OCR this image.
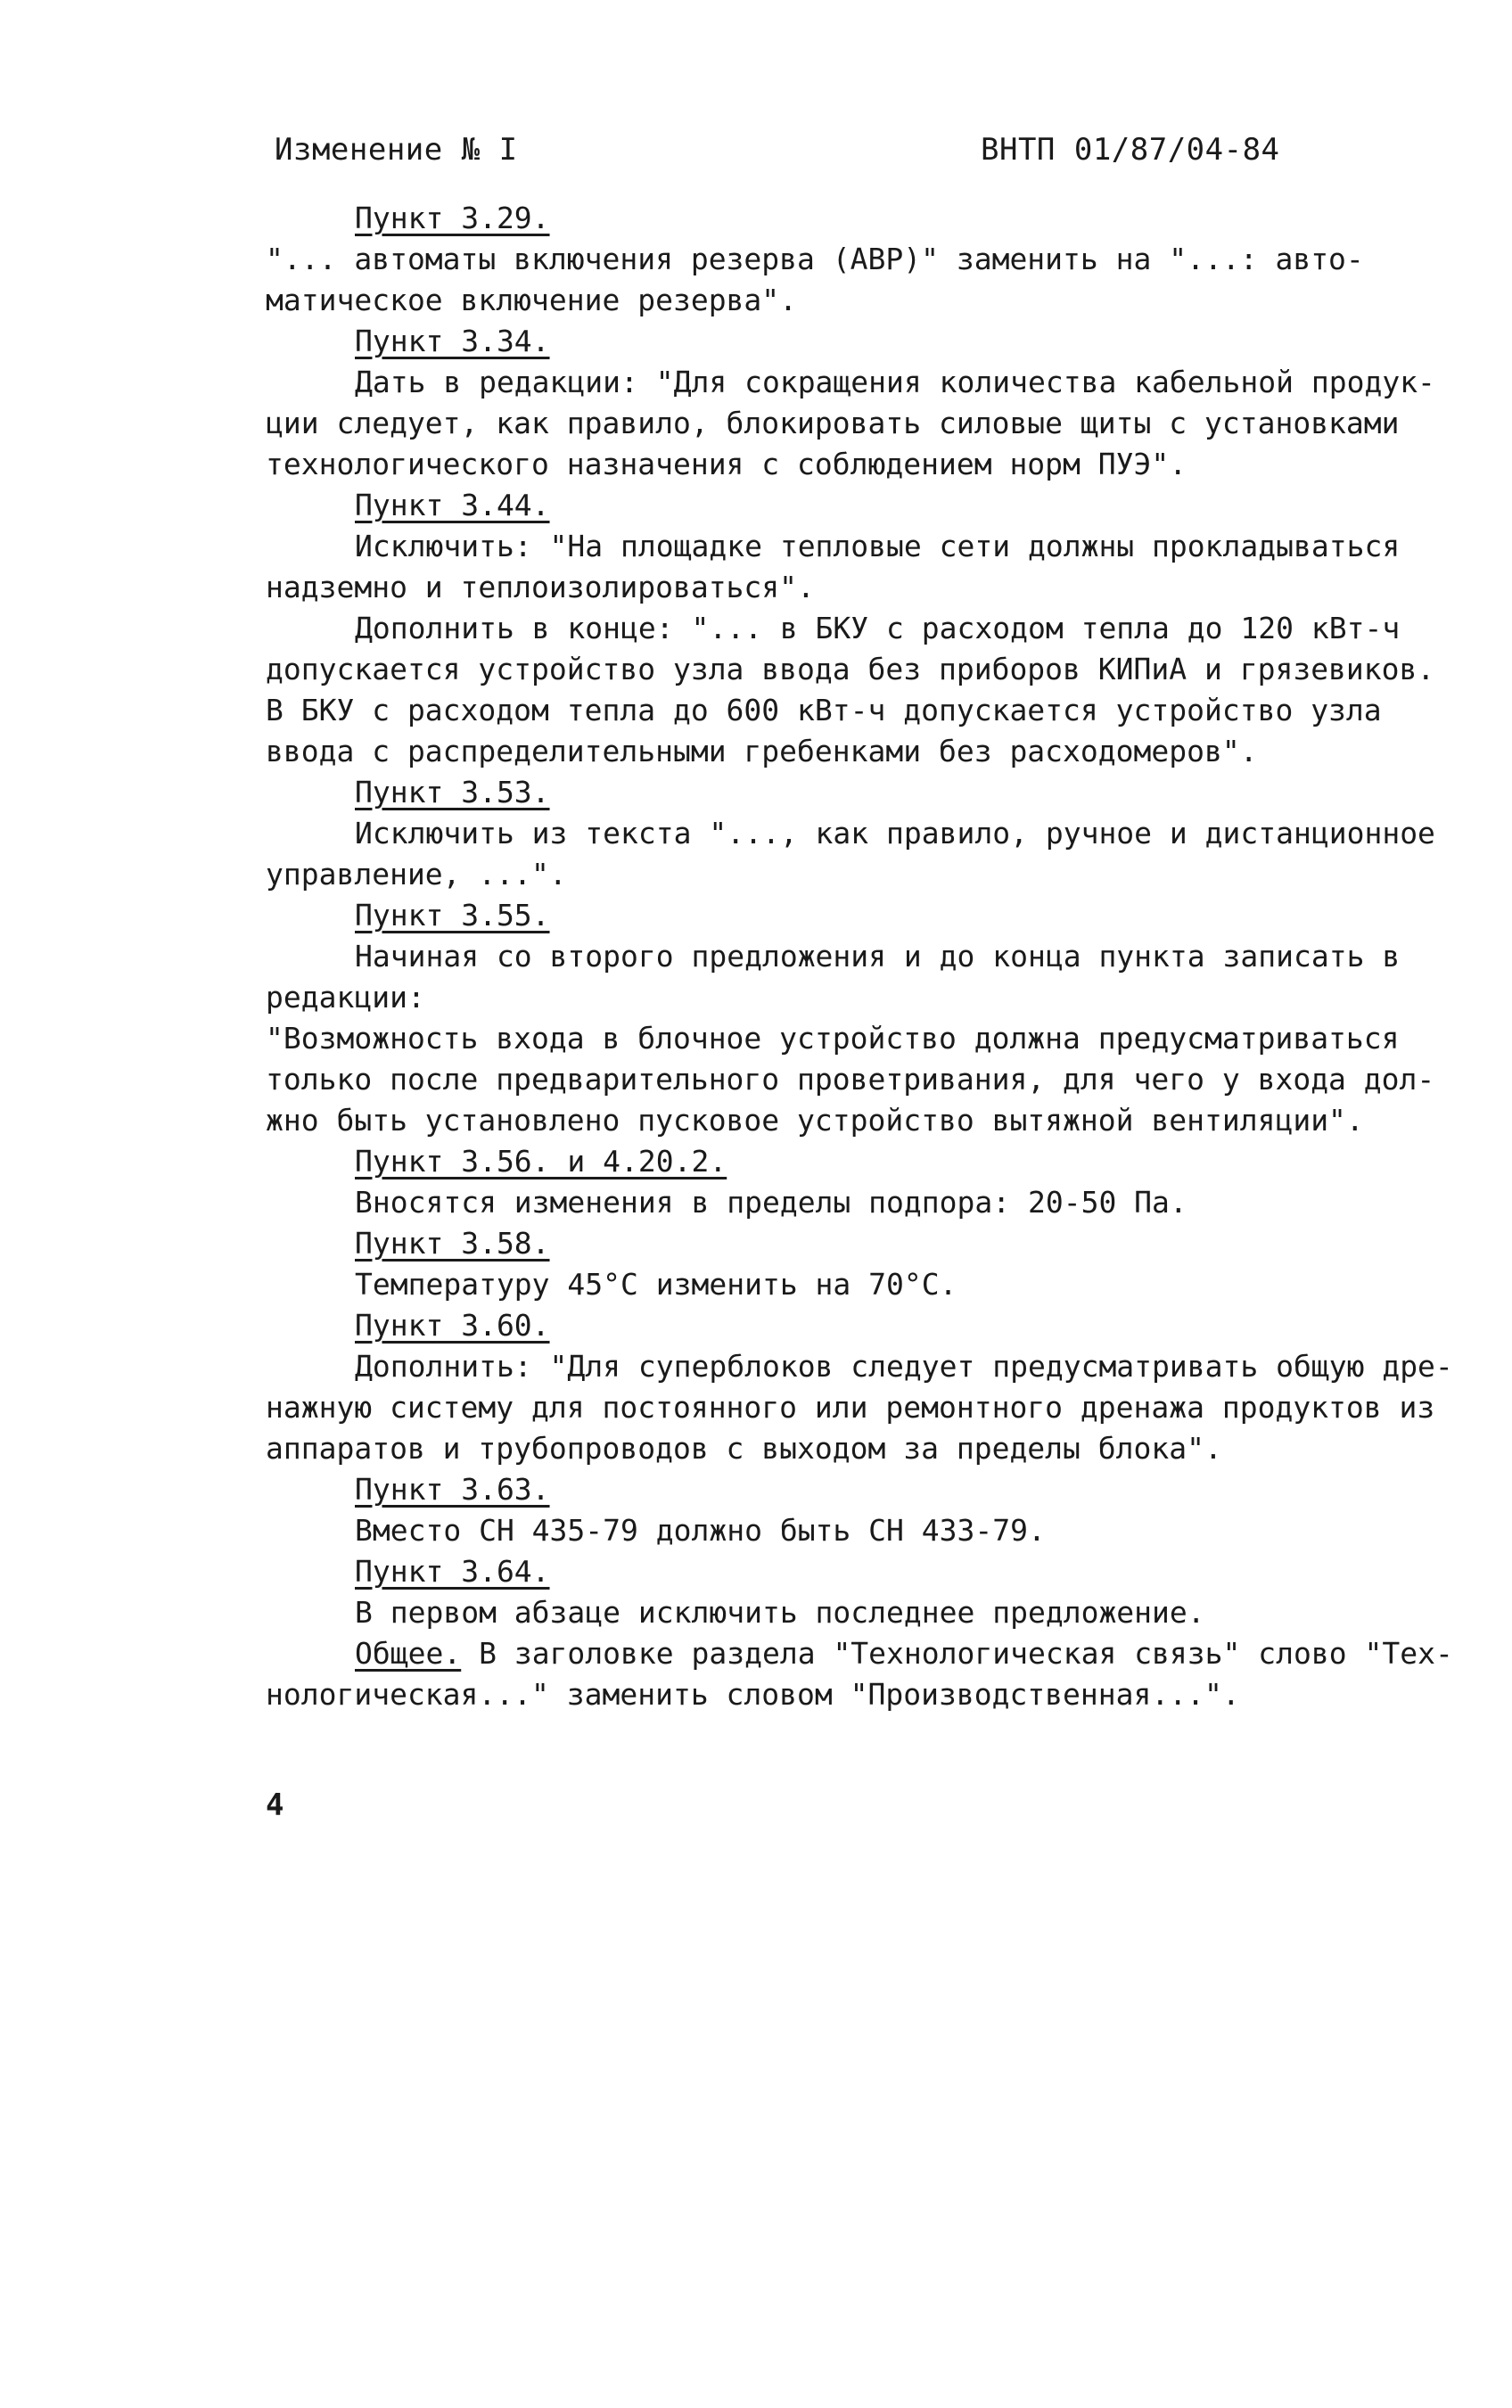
Изменение № I	ВНТП 01/87/04-84
Пункт 3.29.
"... автоматы включения резерва (АВР)" заменить на "...: авто-
матическое включение резерва".
Пункт 3.34.
Дать в редакции: "Для сокращения количества кабельной продук-
ции следует, как правило, блокировать силовые щиты с установками
технологического назначения с соблюдением норм ПУЭ".
Пункт 3.44.
Исключить: "На площадке тепловые сети должны прокладываться
надземно и теплоизолироваться".
Дополнить в конце: "... в БКУ с расходом тепла до 120 кВт-ч
допускается устройство узла ввода без приборов КИПиА и грязевиков.
В БКУ с расходом тепла до 600 кВт-ч допускается устройство узла
ввода с распределительными гребенками без расходомеров".
Пункт 3.53.
Исключить из текста "..., как правило, ручное и дистанционное
управление, ...".
Пункт 3.55.
Начиная со второго предложения и до конца пункта записать в
редакции:
"Возможность входа в блочное устройство должна предусматриваться
только после предварительного проветривания, для чего у входа дол-
жно быть установлено пусковое устройство вытяжной вентиляции".
Пункт 3.56. и 4.20.2.
Вносятся изменения в пределы подпора: 20-50 Па.
Пункт 3.58.
Температуру 45°С изменить на 70°С.
Пункт 3.60.
Дополнить: "Для суперблоков следует предусматривать общую дре-
нажную систему для постоянного или ремонтного дренажа продуктов из
аппаратов и трубопроводов с выходом за пределы блока".
Пункт 3.63.
Вместо СН 435-79 должно быть СН 433-79.
Пункт 3.64.
В первом абзаце исключить последнее предложение.
Общее. В заголовке раздела "Технологическая связь" слово "Тех-
нологическая..." заменить словом "Производственная...".
4
